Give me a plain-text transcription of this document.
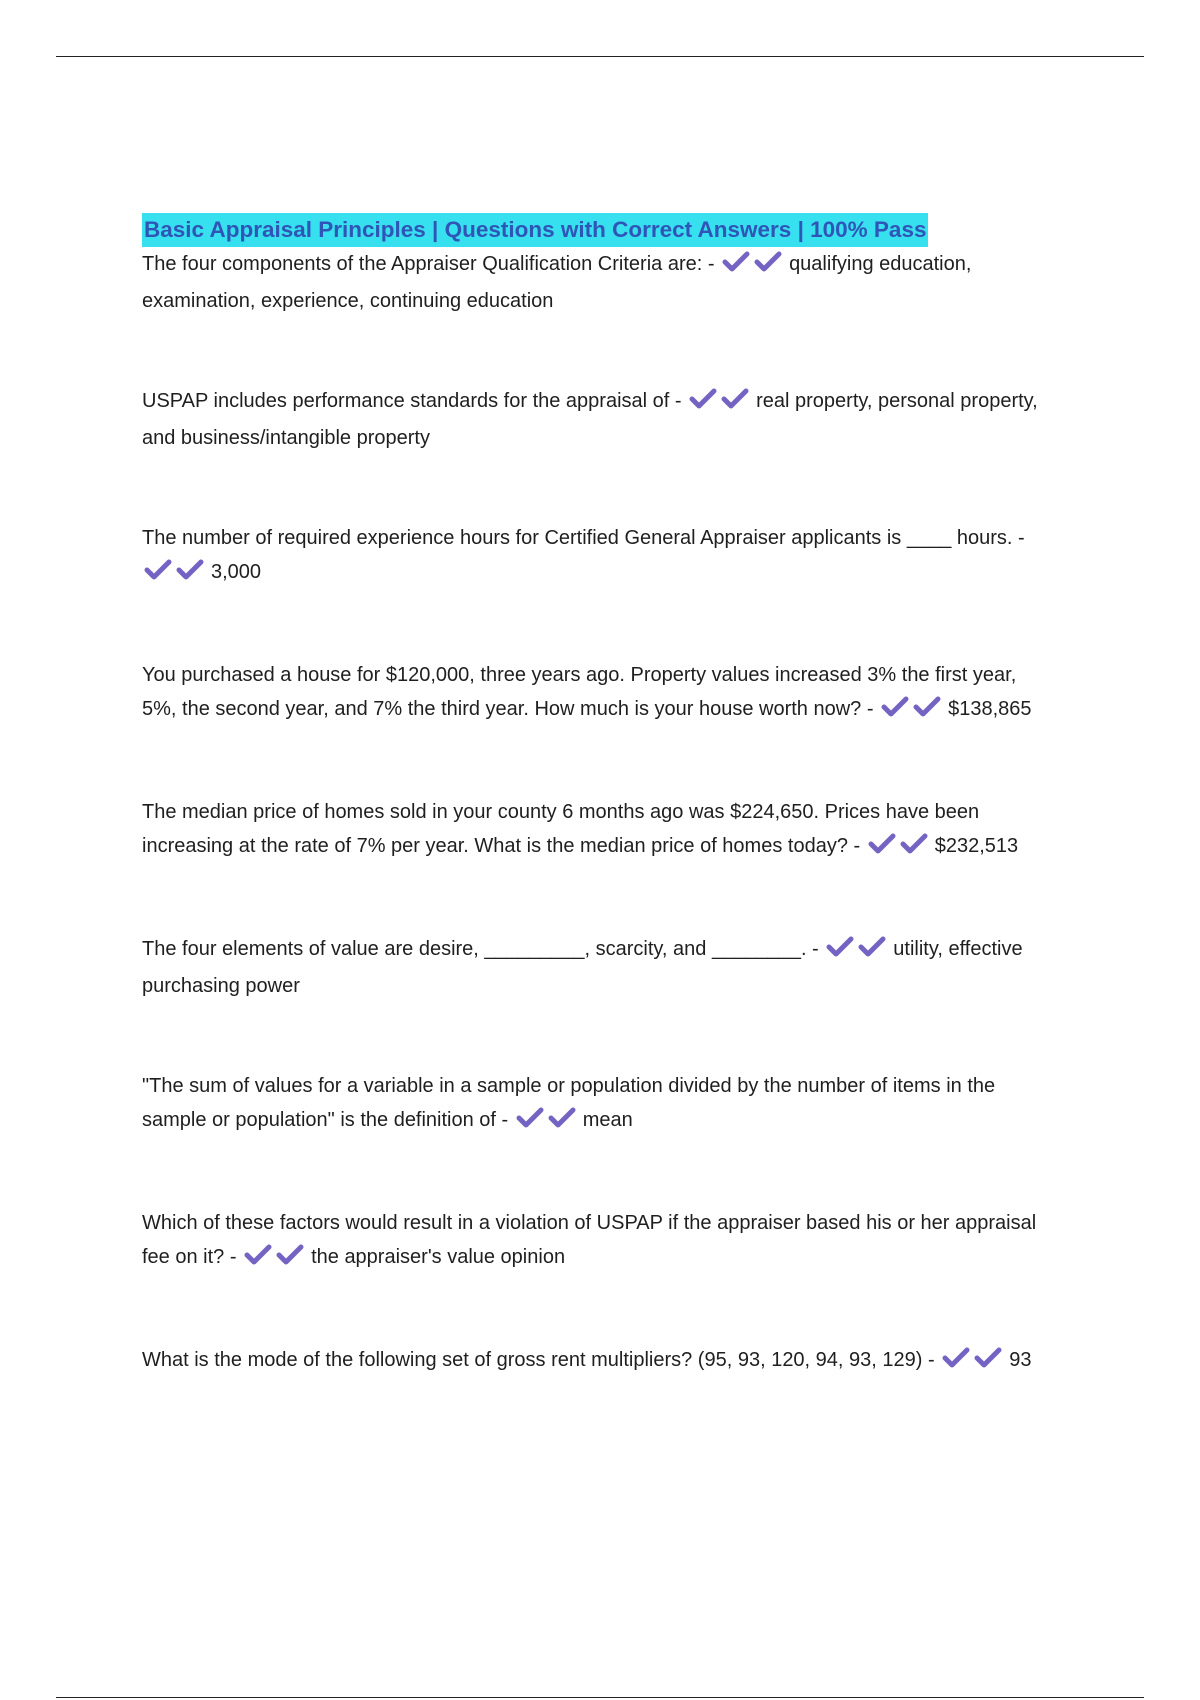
Basic Appraisal Principles | Questions with Correct Answers | 100% Pass

The four components of the Appraiser Qualification Criteria are: -	qualifying education, examination, experience, continuing education

USPAP includes performance standards for the appraisal of -	real property, personal property, and business/intangible property

The number of required experience hours for Certified General Appraiser applicants is ____ hours. -
3,000

You purchased a house for $120,000, three years ago. Property values increased 3% the first year, 5%, the second year, and 7% the third year. How much is your house worth now? -	$138,865

The median price of homes sold in your county 6 months ago was $224,650. Prices have been increasing at the rate of 7% per year. What is the median price of homes today? -	$232,513

The four elements of value are desire, _________, scarcity, and ________. -	utility, effective purchasing power

"The sum of values for a variable in a sample or population divided by the number of items in the sample or population" is the definition of -	mean

Which of these factors would result in a violation of USPAP if the appraiser based his or her appraisal fee on it? -	the appraiser's value opinion

What is the mode of the following set of gross rent multipliers? (95, 93, 120, 94, 93, 129) -	93
